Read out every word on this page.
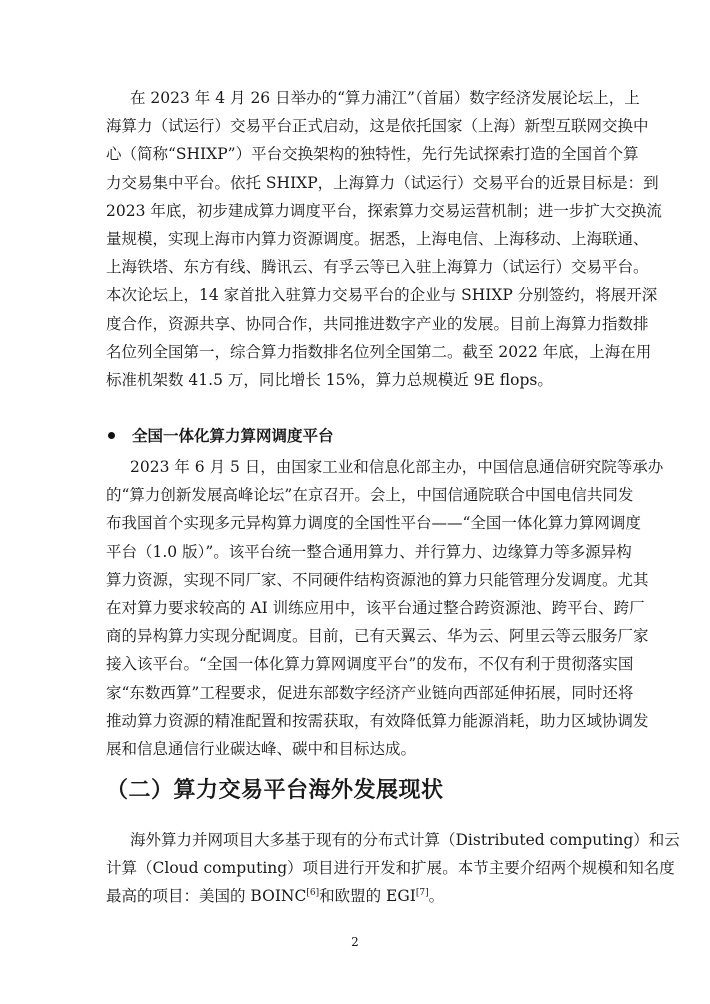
在 2023 年 4 月 26 日举办的“算力浦江”（首届）数字经济发展论坛上，上
海算力（试运行）交易平台正式启动，这是依托国家（上海）新型互联网交换中
心（简称“SHIXP”）平台交换架构的独特性，先行先试探索打造的全国首个算
力交易集中平台。依托 SHIXP，上海算力（试运行）交易平台的近景目标是：到
2023 年底，初步建成算力调度平台，探索算力交易运营机制；进一步扩大交换流
量规模，实现上海市内算力资源调度。据悉，上海电信、上海移动、上海联通、
上海铁塔、东方有线、腾讯云、有孚云等已入驻上海算力（试运行）交易平台。
本次论坛上，14 家首批入驻算力交易平台的企业与 SHIXP 分别签约，将展开深
度合作，资源共享、协同合作，共同推进数字产业的发展。目前上海算力指数排
名位列全国第一，综合算力指数排名位列全国第二。截至 2022 年底，上海在用
标准机架数 41.5 万，同比增长 15%，算力总规模近 9E flops。
全国一体化算力算网调度平台
2023 年 6 月 5 日，由国家工业和信息化部主办，中国信息通信研究院等承办
的“算力创新发展高峰论坛”在京召开。会上，中国信通院联合中国电信共同发
布我国首个实现多元异构算力调度的全国性平台——“全国一体化算力算网调度
平台（1.0 版）”。该平台统一整合通用算力、并行算力、边缘算力等多源异构
算力资源，实现不同厂家、不同硬件结构资源池的算力只能管理分发调度。尤其
在对算力要求较高的 AI 训练应用中，该平台通过整合跨资源池、跨平台、跨厂
商的异构算力实现分配调度。目前，已有天翼云、华为云、阿里云等云服务厂家
接入该平台。“全国一体化算力算网调度平台”的发布，不仅有利于贯彻落实国
家“东数西算”工程要求，促进东部数字经济产业链向西部延伸拓展，同时还将
推动算力资源的精准配置和按需获取，有效降低算力能源消耗，助力区域协调发
展和信息通信行业碳达峰、碳中和目标达成。
（二）算力交易平台海外发展现状
海外算力并网项目大多基于现有的分布式计算（Distributed computing）和云
计算（Cloud computing）项目进行开发和扩展。本节主要介绍两个规模和知名度
最高的项目：美国的 BOINC[6]和欧盟的 EGI[7]。
2
